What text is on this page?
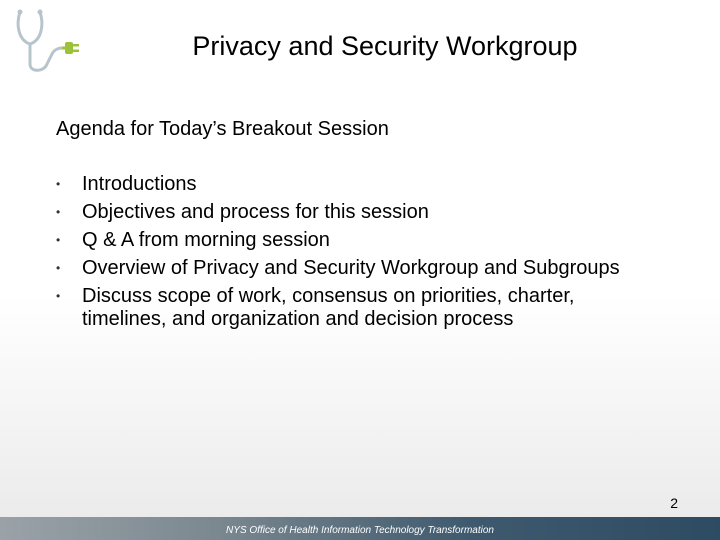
Privacy and Security Workgroup

Agenda for Today’s Breakout Session

• Introductions
• Objectives and process for this session
• Q & A from morning session
• Overview of Privacy and Security Workgroup and Subgroups
• Discuss scope of work, consensus on priorities, charter, timelines, and organization and decision process
2
NYS Office of Health Information Technology Transformation
